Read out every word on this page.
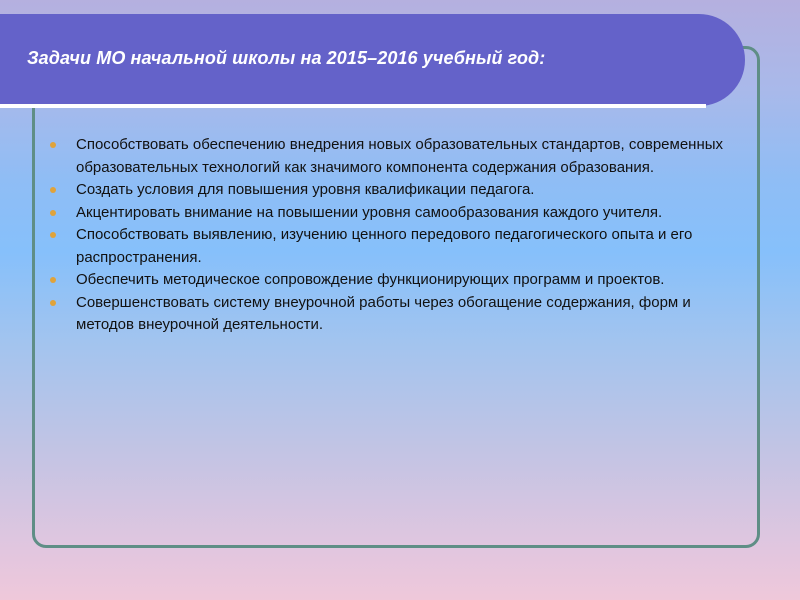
Задачи МО начальной школы на 2015–2016 учебный год:
Способствовать обеспечению внедрения новых образовательных стандартов, современных образовательных технологий как значимого компонента содержания образования.
Создать условия для повышения уровня квалификации педагога.
Акцентировать внимание на повышении уровня самообразования каждого учителя.
Способствовать выявлению, изучению ценного передового педагогического опыта и его распространения.
Обеспечить методическое сопровождение функционирующих программ и проектов.
Совершенствовать систему внеурочной работы через обогащение содержания, форм и методов внеурочной деятельности.
